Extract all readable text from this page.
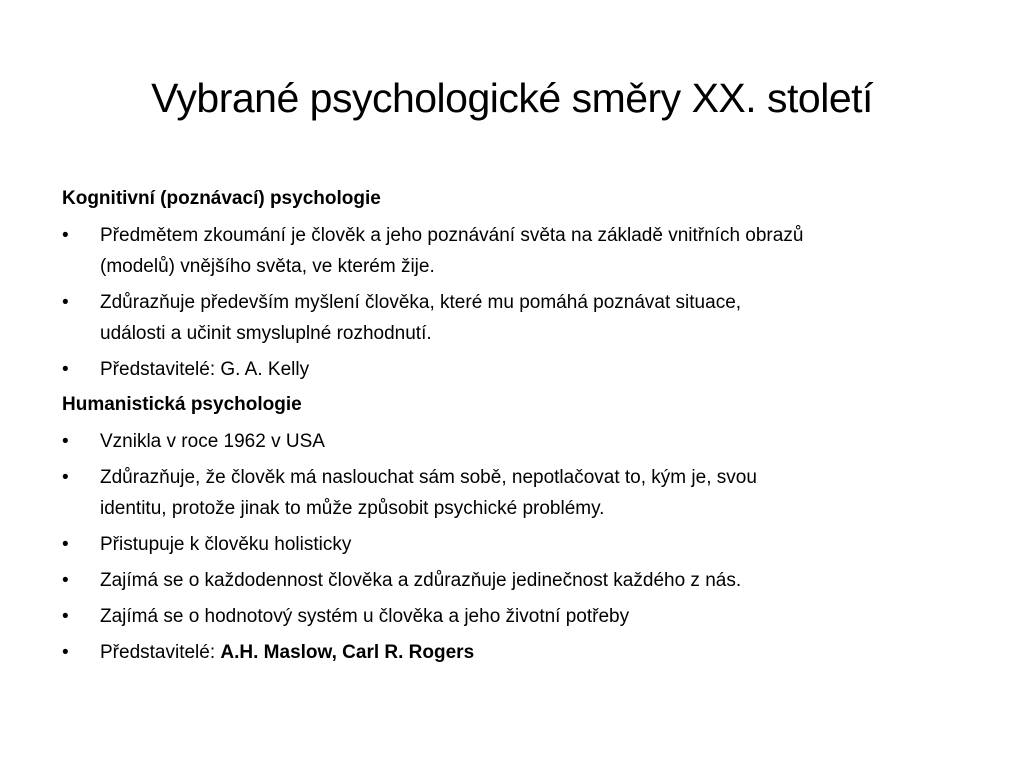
Vybrané psychologické směry XX. století
Kognitivní (poznávací) psychologie
• Předmětem zkoumání je člověk a jeho poznávání světa na základě vnitřních obrazů
(modelů) vnějšího světa, ve kterém žije.
• Zdůrazňuje především myšlení člověka, které mu pomáhá poznávat situace,
události a učinit smysluplné rozhodnutí.
• Představitelé: G. A. Kelly
Humanistická psychologie
• Vznikla v roce 1962 v USA
• Zdůrazňuje, že člověk má naslouchat sám sobě, nepotlačovat to, kým je, svou
identitu, protože jinak to může způsobit psychické problémy.
• Přistupuje k člověku holisticky
• Zajímá se o každodennost člověka a zdůrazňuje jedinečnost každého z nás.
• Zajímá se o hodnotový systém u člověka a jeho životní potřeby
• Představitelé: A.H. Maslow, Carl R. Rogers
